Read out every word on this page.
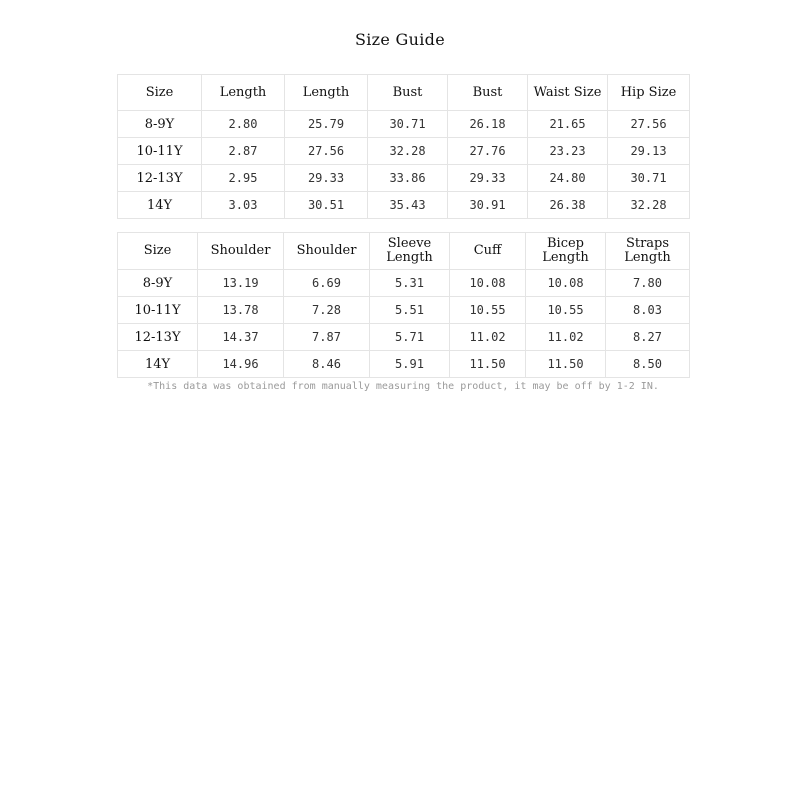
Size Guide
Size	Length	Length	Bust	Bust	Waist Size	Hip Size
8-9Y	2.80	25.79	30.71	26.18	21.65	27.56
10-11Y	2.87	27.56	32.28	27.76	23.23	29.13
12-13Y	2.95	29.33	33.86	29.33	24.80	30.71
14Y	3.03	30.51	35.43	30.91	26.38	32.28
Size	Shoulder	Shoulder	Sleeve Length	Cuff	Bicep Length	Straps Length
8-9Y	13.19	6.69	5.31	10.08	10.08	7.80
10-11Y	13.78	7.28	5.51	10.55	10.55	8.03
12-13Y	14.37	7.87	5.71	11.02	11.02	8.27
14Y	14.96	8.46	5.91	11.50	11.50	8.50
*This data was obtained from manually measuring the product, it may be off by 1-2 IN.
